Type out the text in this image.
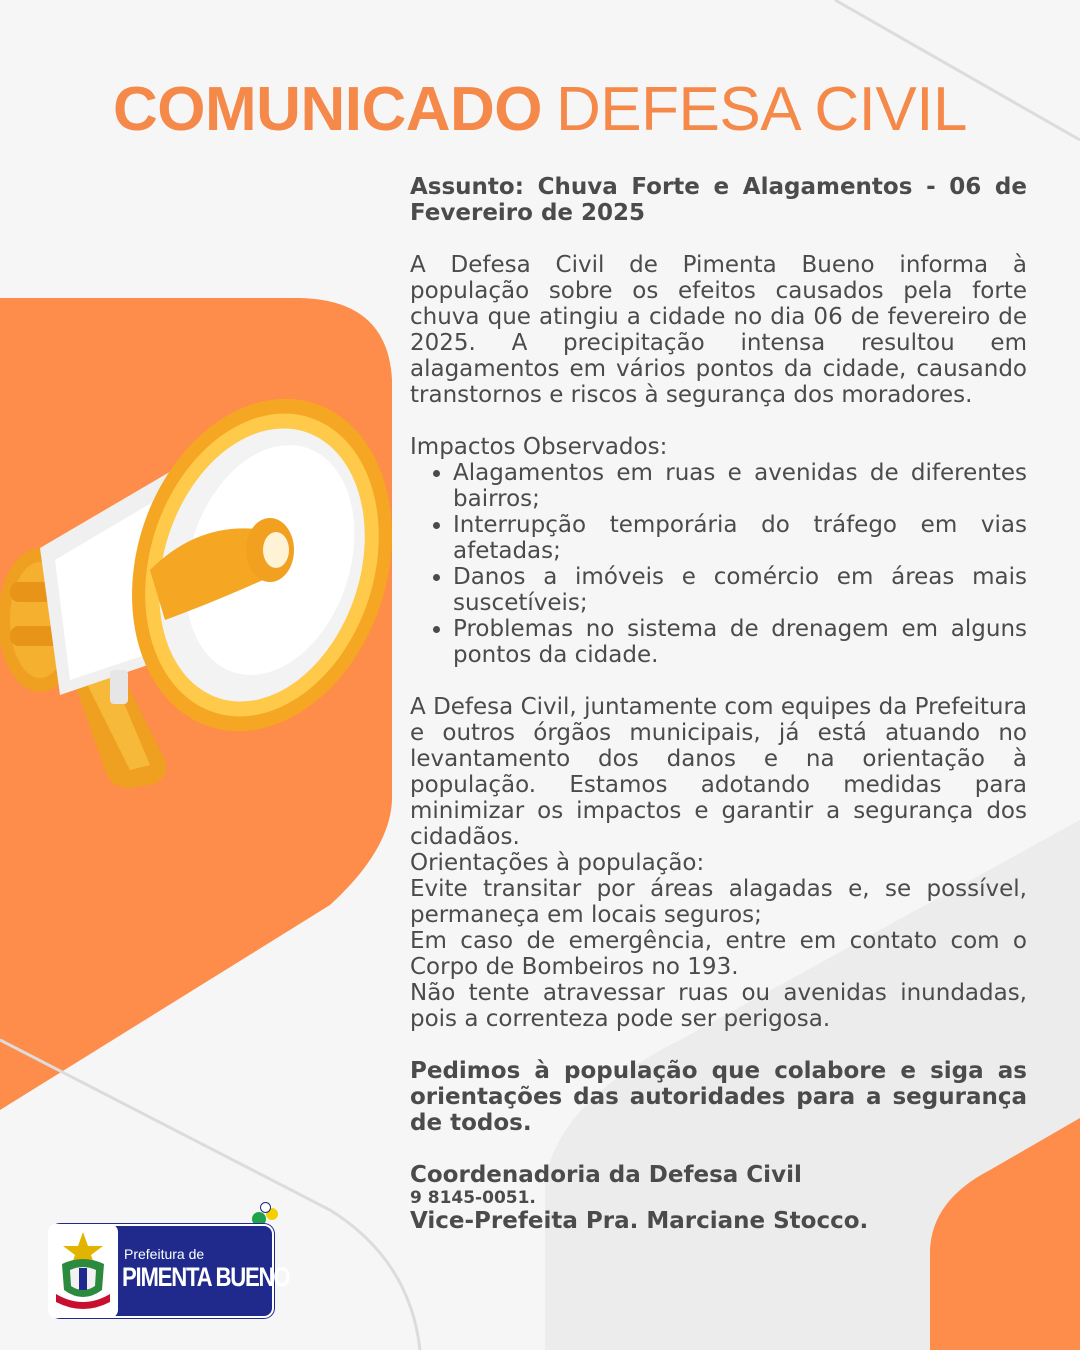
COMUNICADO DEFESA CIVIL

Assunto: Chuva Forte e Alagamentos - 06 de Fevereiro de 2025

A Defesa Civil de Pimenta Bueno informa à população sobre os efeitos causados pela forte chuva que atingiu a cidade no dia 06 de fevereiro de 2025. A precipitação intensa resultou em alagamentos em vários pontos da cidade, causando transtornos e riscos à segurança dos moradores.

Impactos Observados:

• Alagamentos em ruas e avenidas de diferentes bairros;
• Interrupção temporária do tráfego em vias afetadas;
• Danos a imóveis e comércio em áreas mais suscetíveis;
• Problemas no sistema de drenagem em alguns pontos da cidade.

A Defesa Civil, juntamente com equipes da Prefeitura e outros órgãos municipais, já está atuando no levantamento dos danos e na orientação à população. Estamos adotando medidas para minimizar os impactos e garantir a segurança dos cidadãos.

Orientações à população:

Evite transitar por áreas alagadas e, se possível, permaneça em locais seguros;

Em caso de emergência, entre em contato com o Corpo de Bombeiros no 193.

Não tente atravessar ruas ou avenidas inundadas, pois a correnteza pode ser perigosa.

Pedimos à população que colabore e siga as orientações das autoridades para a segurança de todos.

Coordenadoria da Defesa Civil

9 8145-0051.

Vice-Prefeita Pra. Marciane Stocco.

Prefeitura de
PIMENTA BUENO
